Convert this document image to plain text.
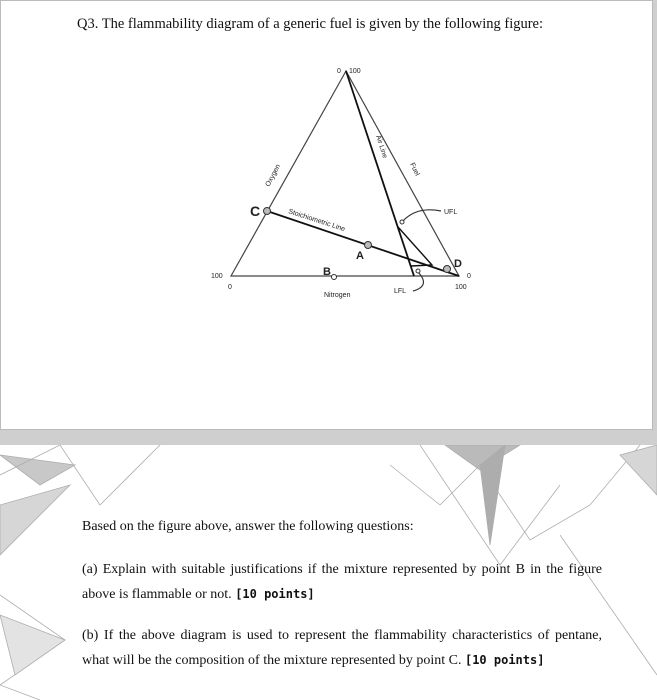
Q3. The flammability diagram of a generic fuel is given by the following figure:
0 100
100
0
0
100
Oxygen	Fuel
Air Line
Stoichiometric Line
Nitrogen
UFL
LFL
C
A
B
D
Based on the figure above, answer the following questions:
(a) Explain with suitable justifications if the mixture represented by point B in the figure above is flammable or not. [10 points]
(b) If the above diagram is used to represent the flammability characteristics of pentane, what will be the composition of the mixture represented by point C. [10 points]
